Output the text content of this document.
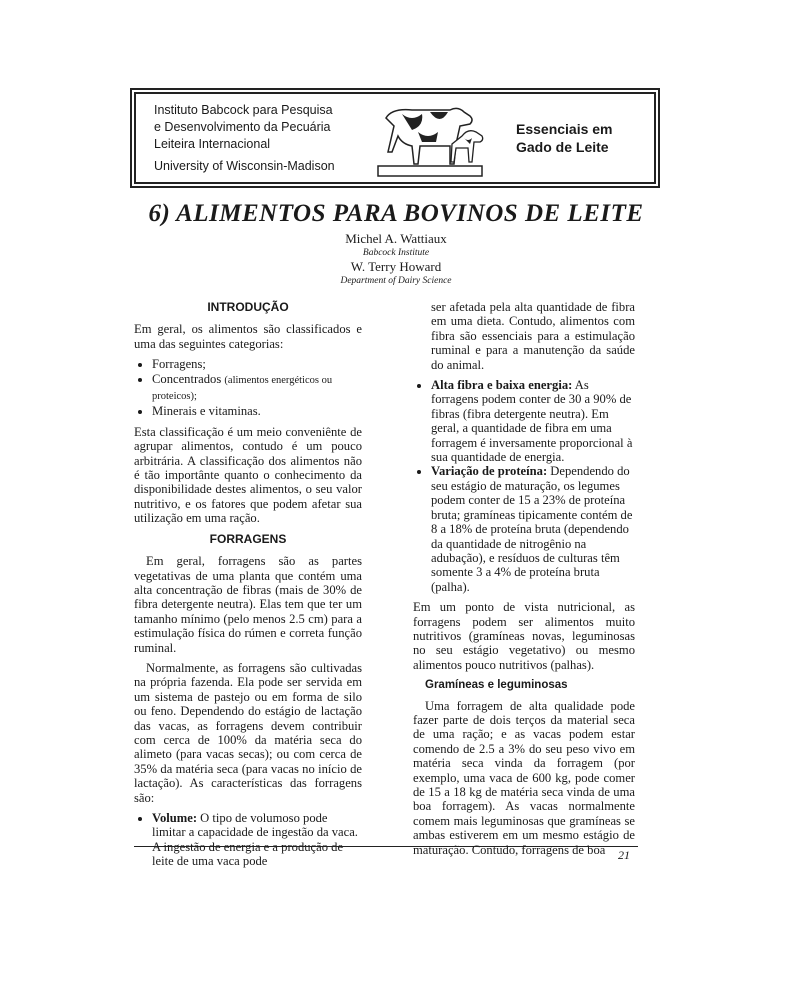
Instituto Babcock para Pesquisa
e Desenvolvimento da Pecuária
Leiteira Internacional
University of Wisconsin-Madison
Essenciais em
Gado de Leite
6) ALIMENTOS PARA BOVINOS DE LEITE
Michel A. Wattiaux
Babcock Institute
W. Terry Howard
Department of Dairy Science
INTRODUÇÃO

Em geral, os alimentos são classificados e uma das seguintes categorias:

• Forragens;
• Concentrados (alimentos energéticos ou proteicos);
• Minerais e vitaminas.

Esta classificação é um meio conveniênte de agrupar alimentos, contudo é um pouco arbitrária. A classificação dos alimentos não é tão importânte quanto o conhecimento da disponibilidade destes alimentos, o seu valor nutritivo, e os fatores que podem afetar sua utilização em uma ração.

FORRAGENS

Em geral, forragens são as partes vegetativas de uma planta que contém uma alta concentração de fibras (mais de 30% de fibra detergente neutra). Elas tem que ter um tamanho mínimo (pelo menos 2.5 cm) para a estimulação física do rúmen e correta função ruminal.

Normalmente, as forragens são cultivadas na própria fazenda. Ela pode ser servida em um sistema de pastejo ou em forma de silo ou feno. Dependendo do estágio de lactação das vacas, as forragens devem contribuir com cerca de 100% da matéria seca do alimeto (para vacas secas); ou com cerca de 35% da matéria seca (para vacas no início de lactação). As características das forragens são:

• Volume: O tipo de volumoso pode limitar a capacidade de ingestão da vaca. A ingestão de energia e a produção de leite de uma vaca pode

ser afetada pela alta quantidade de fibra em uma dieta. Contudo, alimentos com fibra são essenciais para a estimulação ruminal e para a manutenção da saúde do animal.

• Alta fibra e baixa energia: As forragens podem conter de 30 a 90% de fibras (fibra detergente neutra). Em geral, a quantidade de fibra em uma forragem é inversamente proporcional à sua quantidade de energia.
• Variação de proteína: Dependendo do seu estágio de maturação, os legumes podem conter de 15 a 23% de proteína bruta; gramíneas tipicamente contém de 8 a 18% de proteína bruta (dependendo da quantidade de nitrogênio na adubação), e resíduos de culturas têm somente 3 a 4% de proteína bruta (palha).

Em um ponto de vista nutricional, as forragens podem ser alimentos muito nutritivos (gramíneas novas, leguminosas no seu estágio vegetativo) ou mesmo alimentos pouco nutritivos (palhas).

Gramíneas e leguminosas

Uma forragem de alta qualidade pode fazer parte de dois terços da material seca de uma ração; e as vacas podem estar comendo de 2.5 a 3% do seu peso vivo em matéria seca vinda da forragem (por exemplo, uma vaca de 600 kg, pode comer de 15 a 18 kg de matéria seca vinda de uma boa forragem). As vacas normalmente comem mais leguminosas que gramíneas se ambas estiverem em um mesmo estágio de maturação. Contudo, forragens de boa	21
